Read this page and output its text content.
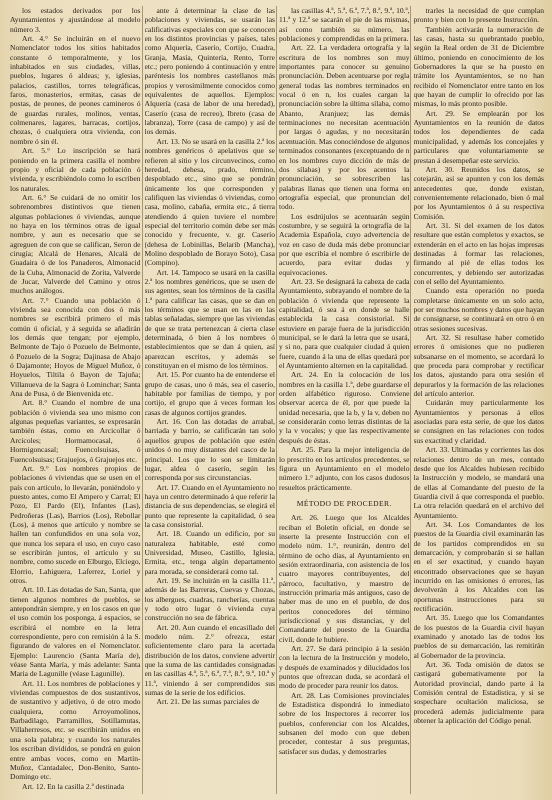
los estados derivados por los Ayuntamientos y ajustándose al modelo número 3.

Art. 4.° Se incluirán en el nuevo Nomenclator todos los sitios habitados constante ó temporalmente, y los inhabitados en sus ciudades, villas, pueblos, lugares ó aldeas; y, iglesias, palacios, castillos, torres telegráficas, faros, monasterios, ermitas, casas de postas, de peones, de peones camineros ó de guardas rurales, molinos, ventas, colmenares, lagares, barracas, cortijos, chozas, ó cualquiera otra vivienda, con nombre ó sin él.

Art. 5.° Lo inscripción se hará poniendo en la primera casilla el nombre propio y oficial de cada población ó vivienda, y escribiéndolo como lo escriben los naturales.

Art. 6.° Se cuidará de no omitir los sobrenombres distintivos que tienen algunas poblaciones ó viviendas, aunque no haya en los términos otras de igual nombre, y aun es necesario que se agreguen de con que se califican, Seron de cirugía; Alcalá de Henares, Alcalá de Guadaira ó de los Panaderos, Almonacid de la Cuba, Almonacid de Zorita, Valverde de Jucar, Valverde del Camino y otros muchos análogos.

Art. 7.° Cuando una población ó vivienda sea conocida con dos ó más nombres se escribirá primero el más común ú oficial, y á seguida se añadirán los demás que tengan; por ejemplo, Belmonte de Tajo ó Pozuelo de Belmonte, ó Pozuelo de la Sogra; Dajinasa de Abajo ó Dajamonte; Hoyos de Miguel Muñoz, ó Hoyuelos, Tiltila ó Bayon de Tajuña; Villanueva de la Sagra ó Lominchar; Santa Ana de Pusa, ó de Bienvenida etc.

Art. 8.° Cuando el nombre de una población ó vivienda sea uno mismo con algunas pequeñas variantes, se expresarán también éstas, como en Arcicollar ó Arcicoles; Hormamocasal, ó Hormigoncasal; Fuencolsuisas, ó Fuencolsuisas; Grajuejos, ó Grajuejos etc.

Art. 9.° Los nombres propios de poblaciones ó viviendas que se usen en el país con artículo, lo llevarán, poniéndolo y puesto antes, como El Ampero y Carral; El Pozo, El Pardo (El), Infantes (Las), Pedroñeras (Las), Barrios (Los), Rebollar (Los), á menos que artículo y nombre se hallen tan confundidos en una sola voz, que nunca los separa el uso, en cuyo caso se escribirán juntos, el artículo y su nombre, como sucede en Elburgo, Elciego, Elorrio, Lahiguera, Laferrez, Loriel y otros.

Art. 10. Las dotadas de San, Santa, que tienen algunos nombres de pueblos, se antepondrán siempre, y en los casos en que el uso común los posponga, á espacios, se escribirá el nombre en la letra correspondiente, pero con remisión á la S. figurando de valores en el Nomenclator. Ejemplo: Laurencio (Santa María de), véase Santa María, y más adelante: Santa Maria de Lagunille (véase Lagunille).

Art. 11. Los nombres de poblaciones y viviendas compuestos de dos sustantivos, de sustantivo y adjetivo, ó de otro modo cualquiera, como Arroyomolinos, Barbadilago, Parramillos, Sotillamutas, Villaherresos, etc. se escribirán unidos en una sola palabra; y cuando los naturales los escriban divididos, se pondrá en guion entre ambas voces, como en Martín-Muñoz, Cantadalec, Don-Benito, Santo-Domingo etc.

Art. 12. En la casilla 2.ª destinada

ante á determinar la clase de las poblaciones y viviendas, se usarán las calificativas especiales con que se conocen en los distintos provincias y países, tales como Alquería, Caserío, Cortijo, Cuadra, Granja, Masía, Quintería, Rento, Torre etc.; pero poniendo á continuación y entre paréntesis los nombres castellanos más propios y verosímilmente conocidos como equivalentes de aquellos. Ejemplos: Alquería (casa de labor de una heredad), Caserío (casa de recreo), Ibreto (casa de labranza), Torre (casa de campo) y así de los demás.

Art. 13. No se usará en la casilla 2.ª los nombres genéricos ó apelativos que se refieren al sitio y los circunvecinos, como heredad, dehesa, prado, término, despoblado etc., sino que se pondrán únicamente los que corresponden y califiquen las viviendas ó viviendas, como casa, molino, cabaña, ermita etc., á tierra atendiendo á quien tuviere el nombre especial del territorio común debe ser más conocido y frecuente, v. gr. Caserío (dehesa de Lobinillas, Belarib (Mancha), Molino despoblado de Borayo Soto), Casa (Compino).

Art. 14. Tampoco se usará en la casilla 2.ª los nombres genéricos, que se usen de sus agentes, sean los términos de la casilla 1.ª para calificar las casas, que se dan en los términos que se usan en las en las tablas señaladas, siempre que las viviendas de que se trata pertenezcan á cierta clase determinada, ó bien á los nombres ó establecimientos que se dan á quien, así aparezcan escritos, y además se constituyan en el mismo de los términos.

Art. 15. Por cuanto ha de entenderse el grupo de casas, uno ó más, sea el caserío, habitable por familias de tiempo, y por cortijo, el grupo que á veces forman los casas de algunos cortijos grandes.

Art. 16. Con las dotadas de arrabal, barriada y barrio, se calificarán tan solo aquellos grupos de población que estén unidos ó no muy distantes del casco de la principal. Los que lo son se limitarán lugar, aldea ó caserío, según les corresponda por sus circunstancias.

Art. 17. Cuando en el Ayuntamiento no haya un centro determinado á que referir la distancia de sus dependencias, se elegirá el punto que represente la capitalidad, ó sea la casa consistorial.

Art. 18. Cuando un edificio, por su naturaleza habitable, esté como Universidad, Museo, Castillo, Iglesia, Ermita, etc., tenga algún departamento para morada, se considerará como tal.

Art. 19. Se incluirán en la casilla 11.ª, además de las Barreras, Cuevas y Chozas, los albergues, cuadras, rancherías, cuentas y todo otro lugar ó vivienda cuya construcción no sea de fábrica.

Art. 20. Aun cuando el encasillado del modelo núm. 2.° ofrezca, estar suficientemente claro para la acertada distribución de los datos, conviene advertir que la suma de las cantidades consignadas en las casillas 4.ª, 5.ª, 6.ª, 7.ª, 8.ª, 9.ª, 10.ª y 11.ª, viniendo á ser comprendidos sus sumas de la serie de los edificios.

Art. 21. De las sumas parciales de

las casillas 4.ª, 5.ª, 6.ª, 7.ª, 8.ª, 9.ª, 10.ª, 11.ª y 12.ª se sacarán el pie de las mismas, así como también su número, las poblaciones y comprendidas en la primera.

Art. 22. La verdadera ortografía y la escritura de los nombres son muy importantes para conocer su genuino pronunciación. Deben acentuarse por regla general todas las nombres terminados en vocal ó en n, los cuales cargan la pronunciación sobre la última sílaba, como Abanto, Aranjuez; las demás terminaciones no necesitan acentuación por largas ó agudas, y no necesitarán acentuación. Mas conociéndose de algunos terminados consonantes (exceptuando de n en los nombres cuyo dicción de más de dos sílabas) y por los acentos la pronunciación, se sobrescriben las palabras llanas que tienen una forma en ortografía especial, que pronuncian del todo.

Los esdrújulos se acentuarán según costumbre, y se seguirá la ortografía de la Academia Española, cuyo advertencia de voz en caso de duda más debe pronunciar por que escribía el nombre ó escribirle de acuerdo, para evitar dudas y equivocaciones.

Art. 23. Se designará la cabeza de cada Ayuntamiento, subrayando el nombre de la población ó vivienda que represente la capitalidad, ó sea á en donde se halle establecida la casa consistorial. Si estuviere en paraje fuera de la jurisdicción municipal, se le dará la letra que se usará, y si no, para que cualquier ciudad á quien fuere, cuando á la una de ellas quedará por el Ayuntamiento alternen en la capitalidad.

Art. 24. En la colocación de los nombres en la casilla 1.ª, debe guardarse el orden alfabético riguroso. Conviene observar acerca de él, por que puede la unidad necesaria, que la b, y la v, deben no se considerarán como letras distintas de la y la v vocales; y que las respectivamente después de éstas.

Art. 25. Para la mejor inteligencia de lo prescrito en los artículos precedentes, se figura un Ayuntamiento en el modelo número 1.° adjunto, con los casos dudosos resueltos prácticamente.

MÉTODO DE PROCEDER.

Art. 26. Luego que los Alcaldes reciban el Boletín oficial, en donde se inserte la presente Instrucción con el modelo núm. 1.°, reunirán, dentro del término de ocho días, al Ayuntamiento en sesión extraordinaria, con asistencia de los cuatro mayores contribuyentes, del párroco, facultativo, y maestro de instrucción primaria más antiguos, caso de haber mas de uno en el pueblo, de dos peritos conocedores del término jurisdiccional y sus distancias, y del Comandante del puesto de la Guardia civil, donde le hubiere.

Art. 27. Se dará principio á la sesión con la lectura de la Instrucción y modelo, y después de examinados y dilucidados los puntos que ofrezcan duda, se acordará el modo de proceder para reunir los datos.

Art. 28. Las Comisiones provinciales de Estadística dispondrá lo inmediato sobre de los Inspectores á recorrer los pueblos, conferenciar con los Alcaldes, subsanen del modo con que deben proceder, contestar á sus preguntas, satisfacer sus dudas, y demostrarles

trarles la necesidad de que cumplan pronto y bien con lo presente Instrucción.

También activarán la numeración de las casas, hasta su quebrantado pueblo, según la Real orden de 31 de Diciembre último, poniendo en conocimiento de los Gobernadores la que se ha puesto en trámite los Ayuntamientos, se no han recibido el Nomenclator entre tanto en los que hayan de cumplir lo ofrecido por las mismas, lo más pronto posible.

Art. 29. Se emplearán por los Ayuntamientos en la reunión de datos todos los dependientes de cada municipalidad, y además los concejales y particulares que voluntariamente se prestan á desempeñar este servicio.

Art. 30. Reunidos los datos, se cotejarán, así se apunten y con los demás antecedentes que, donde existan, convenientemente relacionado, bien ó mal por los Ayuntamientos ó á su respectiva Comisión.

Art. 31. Si del examen de los datos resultare que están completos y exactos, se extenderán en el acto en las hojas impresas destinadas á formar las relaciones, firmando al pié de ellas todos los concurrentes, y debiendo ser autorizadas con el sello del Ayuntamiento.

Cuando esta operación no pueda completarse únicamente en un solo acto, por ser muchos nombres y datos que hayan de consignarse, se continuará en otro ó en otras sesiones sucesivas.

Art. 32. Si resultase haber cometido errores ú omisiones que no pudieren subsanarse en el momento, se acordará lo que proceda para comprobar y rectificar los datos, ajustando para otra sesión el depurarlos y la formación de las relaciones del artículo anterior.

Cuidarán muy particularmente los Ayuntamientos y personas á ellos asociadas para esta serie, de que los datos se consignen en las relaciones con todos sus exactitud y claridad.

Art. 33. Ultimadas y corrientes las dos relaciones dentro de un mes, contado desde que los Alcaldes hubiesen recibido la Instrucción y modelo, se mandará una de ellas al Comandante del puesto de la Guardia civil á que corresponda el pueblo. La otra relación quedará en el archivo del Ayuntamiento.

Art. 34. Los Comandantes de los puestos de la Guardia civil examinarán las de los partidos comprendidos en su demarcación, y comprobarán si se hallan en el ser exactitud, y cuando hayan encontrado observaciones que se hayan incurrido en las omisiones ó errores, las devolverán á los Alcaldes con las oportunas instrucciones para su rectificación.

Art. 35. Luego que los Comandantes de los puestos de la Guardia civil hayan examinado y anotado las de todos los pueblos de su demarcación, las remitirán al Gobernador de la provincia.

Art. 36. Toda omisión de datos se castigará gubernativamente por la Autoridad provincial, dando parte á la Comisión central de Estadística, y si se sospechare ocultación maliciosa, se procederá además judicialmente para obtener la aplicación del Código penal.
